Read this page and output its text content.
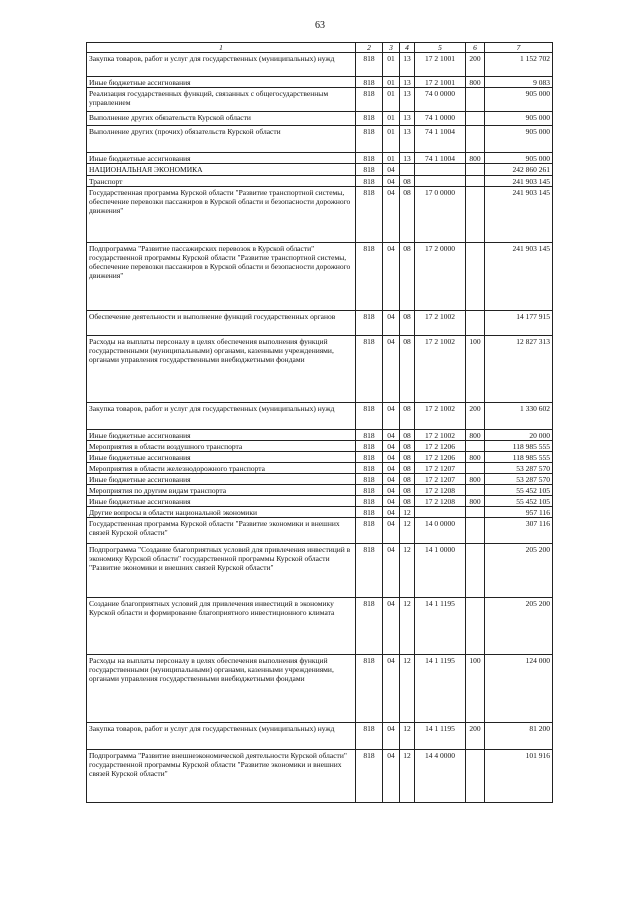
63
1	2	3	4	5	6	7
Закупка товаров, работ и услуг для государственных (муниципальных) нужд	818	01	13	17 2 1001	200	1 152 702
Иные бюджетные ассигнования	818	01	13	17 2 1001	800	9 083
Реализация государственных функций, связанных с общегосударственным управлением	818	01	13	74 0 0000		905 000
Выполнение других обязательств Курской области	818	01	13	74 1 0000		905 000
Выполнение других (прочих) обязательств Курской области	818	01	13	74 1 1004		905 000
Иные бюджетные ассигнования	818	01	13	74 1 1004	800	905 000
НАЦИОНАЛЬНАЯ ЭКОНОМИКА	818	04				242 860 261
Транспорт	818	04	08			241 903 145
Государственная программа Курской области "Развитие транспортной системы, обеспечение перевозки пассажиров в Курской области и безопасности дорожного движения"	818	04	08	17 0 0000		241 903 145
Подпрограмма "Развитие пассажирских перевозок в Курской области" государственной программы Курской области "Развитие транспортной системы, обеспечение перевозки пассажиров в Курской области и безопасности дорожного движения"	818	04	08	17 2 0000		241 903 145
Обеспечение деятельности и выполнение функций государственных органов	818	04	08	17 2 1002		14 177 915
Расходы на выплаты персоналу в целях обеспечения выполнения функций государственными (муниципальными) органами, казенными учреждениями, органами управления государственными внебюджетными фондами	818	04	08	17 2 1002	100	12 827 313
Закупка товаров, работ и услуг для государственных (муниципальных) нужд	818	04	08	17 2 1002	200	1 330 602
Иные бюджетные ассигнования	818	04	08	17 2 1002	800	20 000
Мероприятия в области воздушного транспорта	818	04	08	17 2 1206		118 985 555
Иные бюджетные ассигнования	818	04	08	17 2 1206	800	118 985 555
Мероприятия в области железнодорожного транспорта	818	04	08	17 2 1207		53 287 570
Иные бюджетные ассигнования	818	04	08	17 2 1207	800	53 287 570
Мероприятия по другим видам транспорта	818	04	08	17 2 1208		55 452 105
Иные бюджетные ассигнования	818	04	08	17 2 1208	800	55 452 105
Другие вопросы в области национальной экономики	818	04	12			957 116
Государственная программа Курской области "Развитие экономики и внешних связей Курской области"	818	04	12	14 0 0000		307 116
Подпрограмма "Создание благоприятных условий для привлечения инвестиций в экономику Курской области" государственной программы Курской области "Развитие экономики и внешних связей Курской области"	818	04	12	14 1 0000		205 200
Создание благоприятных условий для привлечения инвестиций в экономику Курской области и формирование благоприятного инвестиционного климата	818	04	12	14 1 1195		205 200
Расходы на выплаты персоналу в целях обеспечения выполнения функций государственными (муниципальными) органами, казенными учреждениями, органами управления государственными внебюджетными фондами	818	04	12	14 1 1195	100	124 000
Закупка товаров, работ и услуг для государственных (муниципальных) нужд	818	04	12	14 1 1195	200	81 200
Подпрограмма "Развитие внешнеэкономической деятельности Курской области" государственной программы Курской области "Развитие экономики и внешних связей Курской области"	818	04	12	14 4 0000		101 916
